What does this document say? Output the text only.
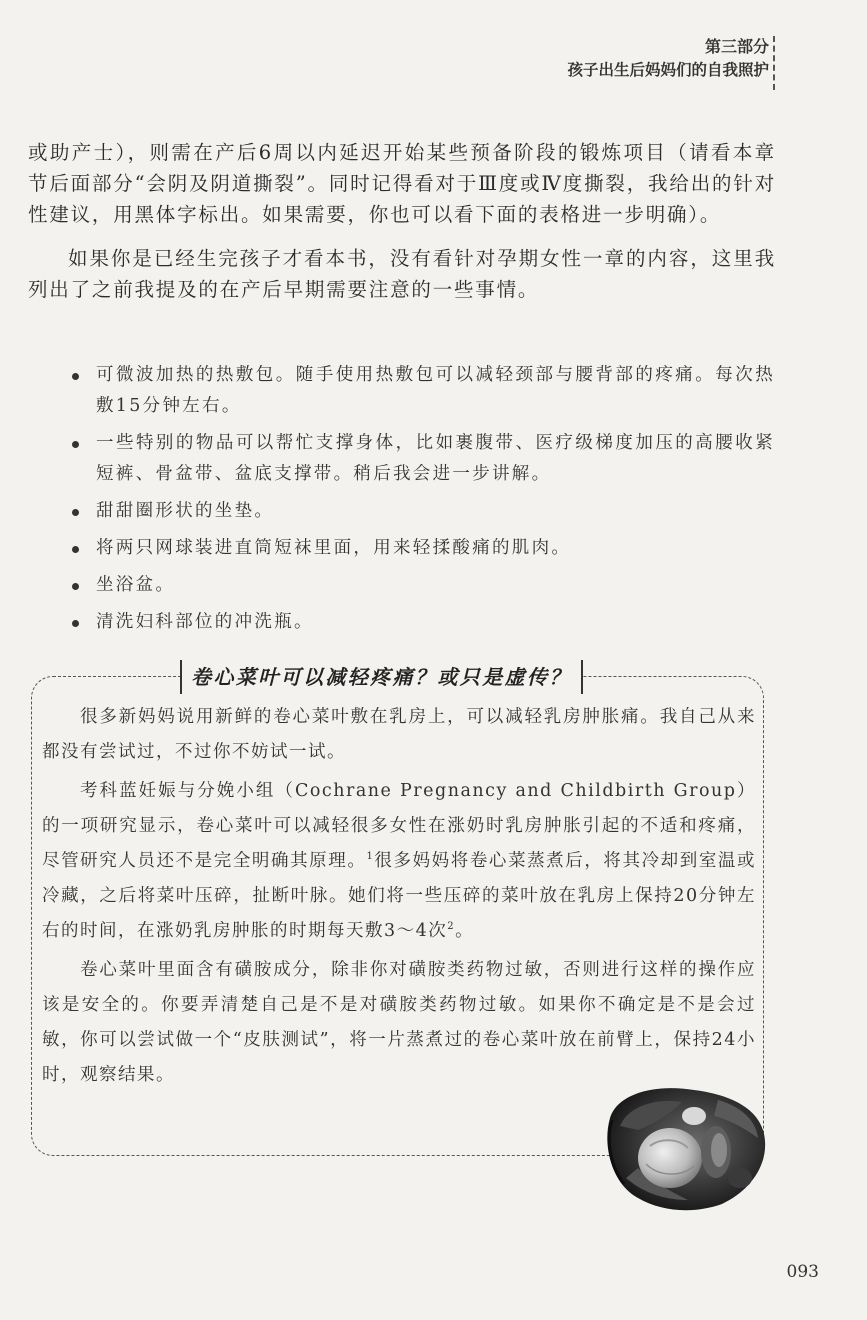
第三部分
孩子出生后妈妈们的自我照护

或助产士），则需在产后6周以内延迟开始某些预备阶段的锻炼项目（请看本章节后面部分“会阴及阴道撕裂”。同时记得看对于Ⅲ度或Ⅳ度撕裂，我给出的针对性建议，用黑体字标出。如果需要，你也可以看下面的表格进一步明确）。

如果你是已经生完孩子才看本书，没有看针对孕期女性一章的内容，这里我列出了之前我提及的在产后早期需要注意的一些事情。

可微波加热的热敷包。随手使用热敷包可以减轻颈部与腰背部的疼痛。每次热敷15分钟左右。
一些特别的物品可以帮忙支撑身体，比如裹腹带、医疗级梯度加压的高腰收紧短裤、骨盆带、盆底支撑带。稍后我会进一步讲解。
甜甜圈形状的坐垫。
将两只网球装进直筒短袜里面，用来轻揉酸痛的肌肉。
坐浴盆。
清洗妇科部位的冲洗瓶。
卷心菜叶可以减轻疼痛？或只是虚传？

很多新妈妈说用新鲜的卷心菜叶敷在乳房上，可以减轻乳房肿胀痛。我自己从来都没有尝试过，不过你不妨试一试。

考科蓝妊娠与分娩小组（Cochrane Pregnancy and Childbirth Group）的一项研究显示，卷心菜叶可以减轻很多女性在涨奶时乳房肿胀引起的不适和疼痛，尽管研究人员还不是完全明确其原理。$^1$很多妈妈将卷心菜蒸煮后，将其冷却到室温或冷藏，之后将菜叶压碎，扯断叶脉。她们将一些压碎的菜叶放在乳房上保持20分钟左右的时间，在涨奶乳房肿胀的时期每天敷3～4次$^2$。

卷心菜叶里面含有磺胺成分，除非你对磺胺类药物过敏，否则进行这样的操作应该是安全的。你要弄清楚自己是不是对磺胺类药物过敏。如果你不确定是不是会过敏，你可以尝试做一个“皮肤测试”，将一片蒸煮过的卷心菜叶放在前臂上，保持24小时，观察结果。

093
